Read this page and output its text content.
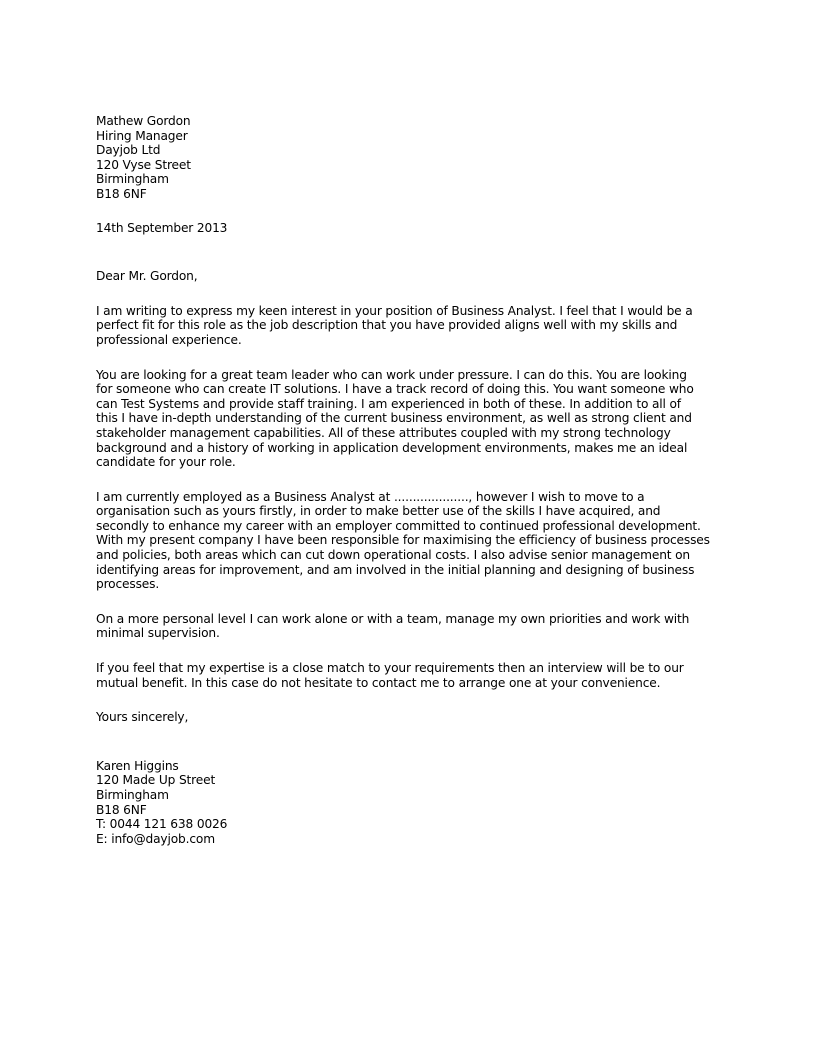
Mathew Gordon
Hiring Manager
Dayjob Ltd
120 Vyse Street
Birmingham
B18 6NF
14th September 2013
Dear Mr. Gordon,
I am writing to express my keen interest in your position of Business Analyst. I feel that I would be a
perfect fit for this role as the job description that you have provided aligns well with my skills and
professional experience.
You are looking for a great team leader who can work under pressure. I can do this. You are looking
for someone who can create IT solutions. I have a track record of doing this. You want someone who
can Test Systems and provide staff training. I am experienced in both of these. In addition to all of
this I have in-depth understanding of the current business environment, as well as strong client and
stakeholder management capabilities. All of these attributes coupled with my strong technology
background and a history of working in application development environments, makes me an ideal
candidate for your role.
I am currently employed as a Business Analyst at ...................., however I wish to move to a
organisation such as yours firstly, in order to make better use of the skills I have acquired, and
secondly to enhance my career with an employer committed to continued professional development.
With my present company I have been responsible for maximising the efficiency of business processes
and policies, both areas which can cut down operational costs. I also advise senior management on
identifying areas for improvement, and am involved in the initial planning and designing of business
processes.
On a more personal level I can work alone or with a team, manage my own priorities and work with
minimal supervision.
If you feel that my expertise is a close match to your requirements then an interview will be to our
mutual benefit. In this case do not hesitate to contact me to arrange one at your convenience.
Yours sincerely,
Karen Higgins
120 Made Up Street
Birmingham
B18 6NF
T: 0044 121 638 0026
E: info@dayjob.com
